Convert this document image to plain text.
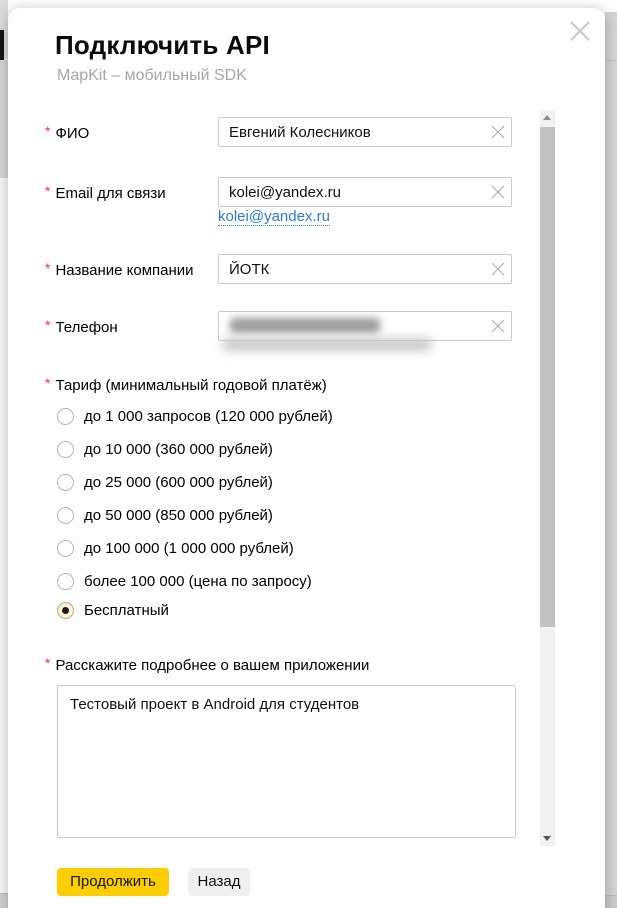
Подключить API
MapKit – мобильный SDK
* ФИО
Евгений Колесников
* Email для связи
kolei@yandex.ru
kolei@yandex.ru
* Название компании
ЙОТК
* Телефон
* Тариф (минимальный годовой платёж)
до 1 000 запросов (120 000 рублей)
до 10 000 (360 000 рублей)
до 25 000 (600 000 рублей)
до 50 000 (850 000 рублей)
до 100 000 (1 000 000 рублей)
более 100 000 (цена по запросу)
Бесплатный
* Расскажите подробнее о вашем приложении
Тестовый проект в Android для студентов
Продолжить	Назад
